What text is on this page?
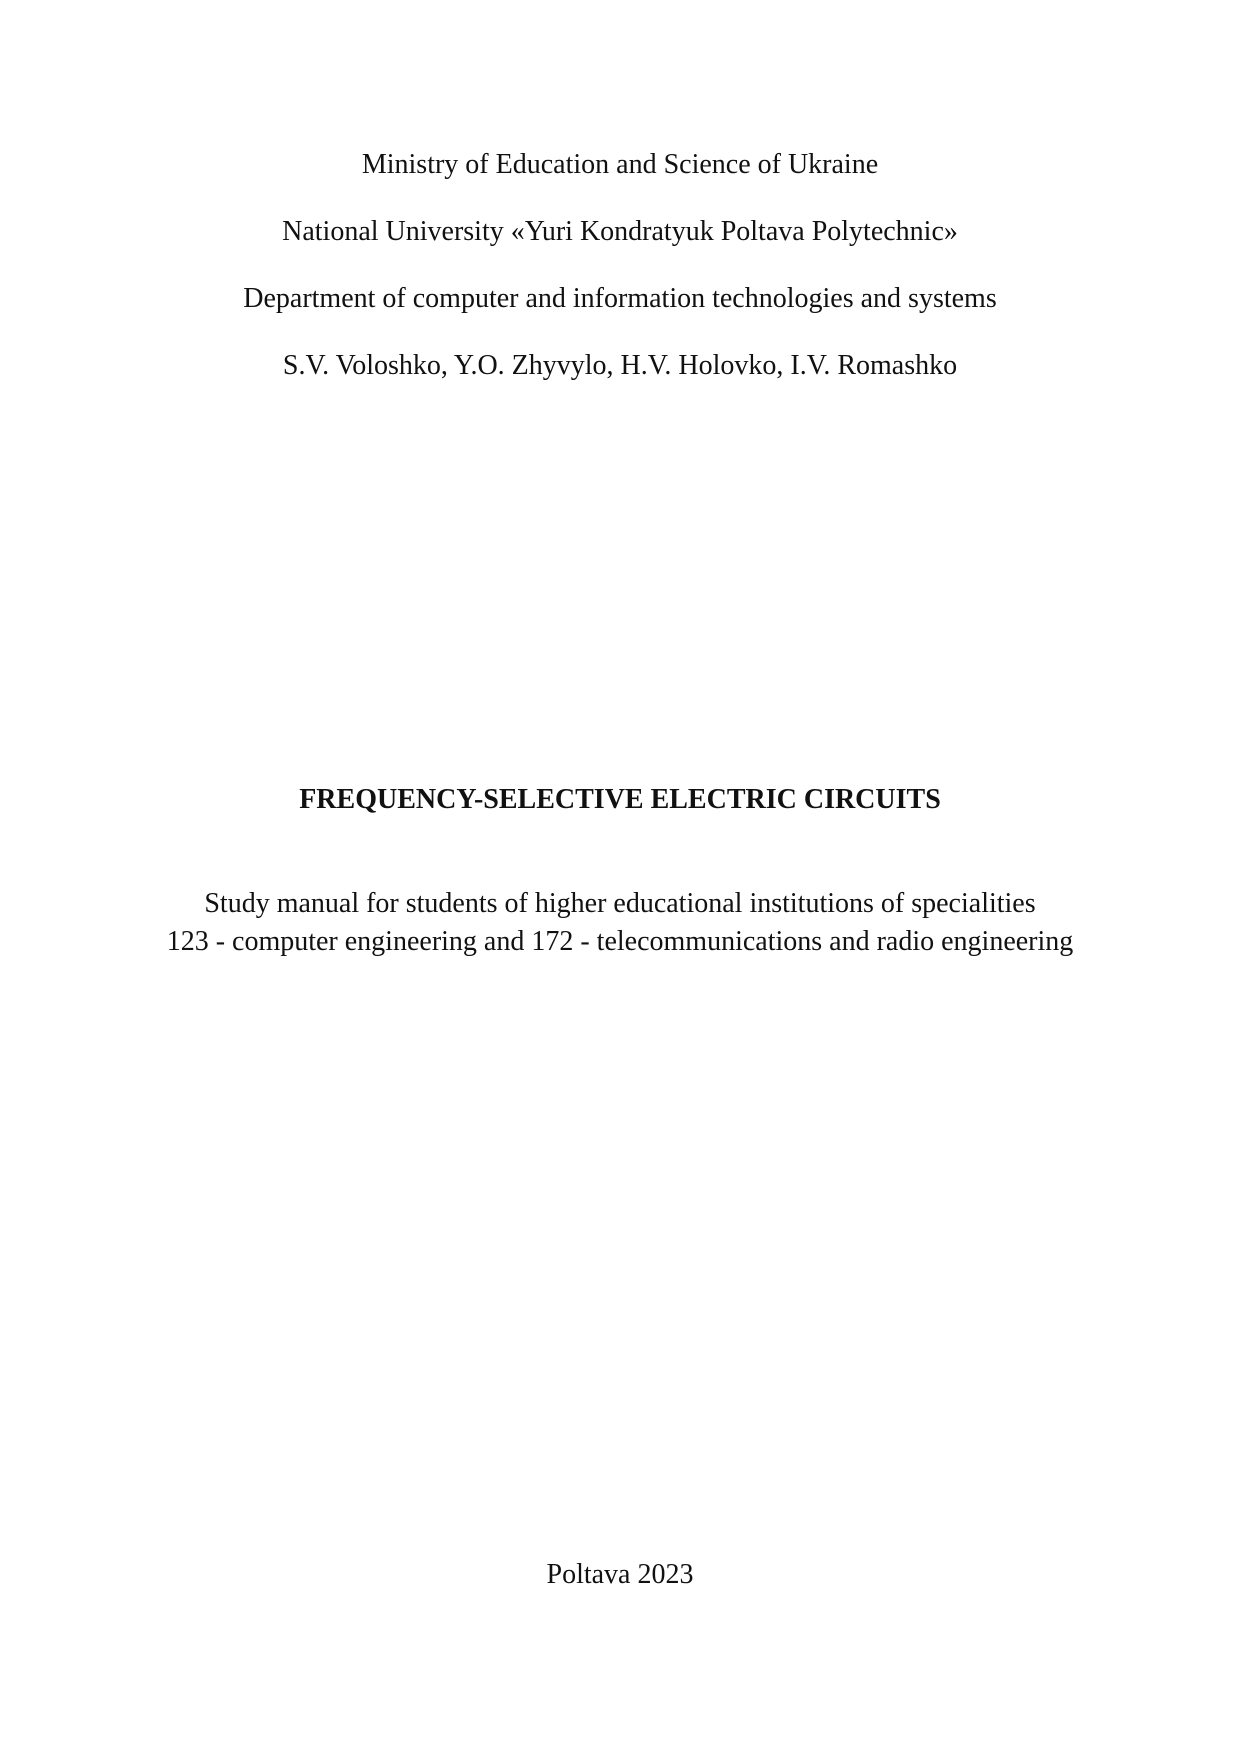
Ministry of Education and Science of Ukraine
National University «Yuri Kondratyuk Poltava Polytechnic»
Department of computer and information technologies and systems
S.V. Voloshko, Y.O. Zhyvylo, H.V. Holovko, I.V. Romashko
FREQUENCY-SELECTIVE ELECTRIC CIRCUITS
Study manual for students of higher educational institutions of specialities
123 - computer engineering and 172 - telecommunications and radio engineering
Poltava 2023
